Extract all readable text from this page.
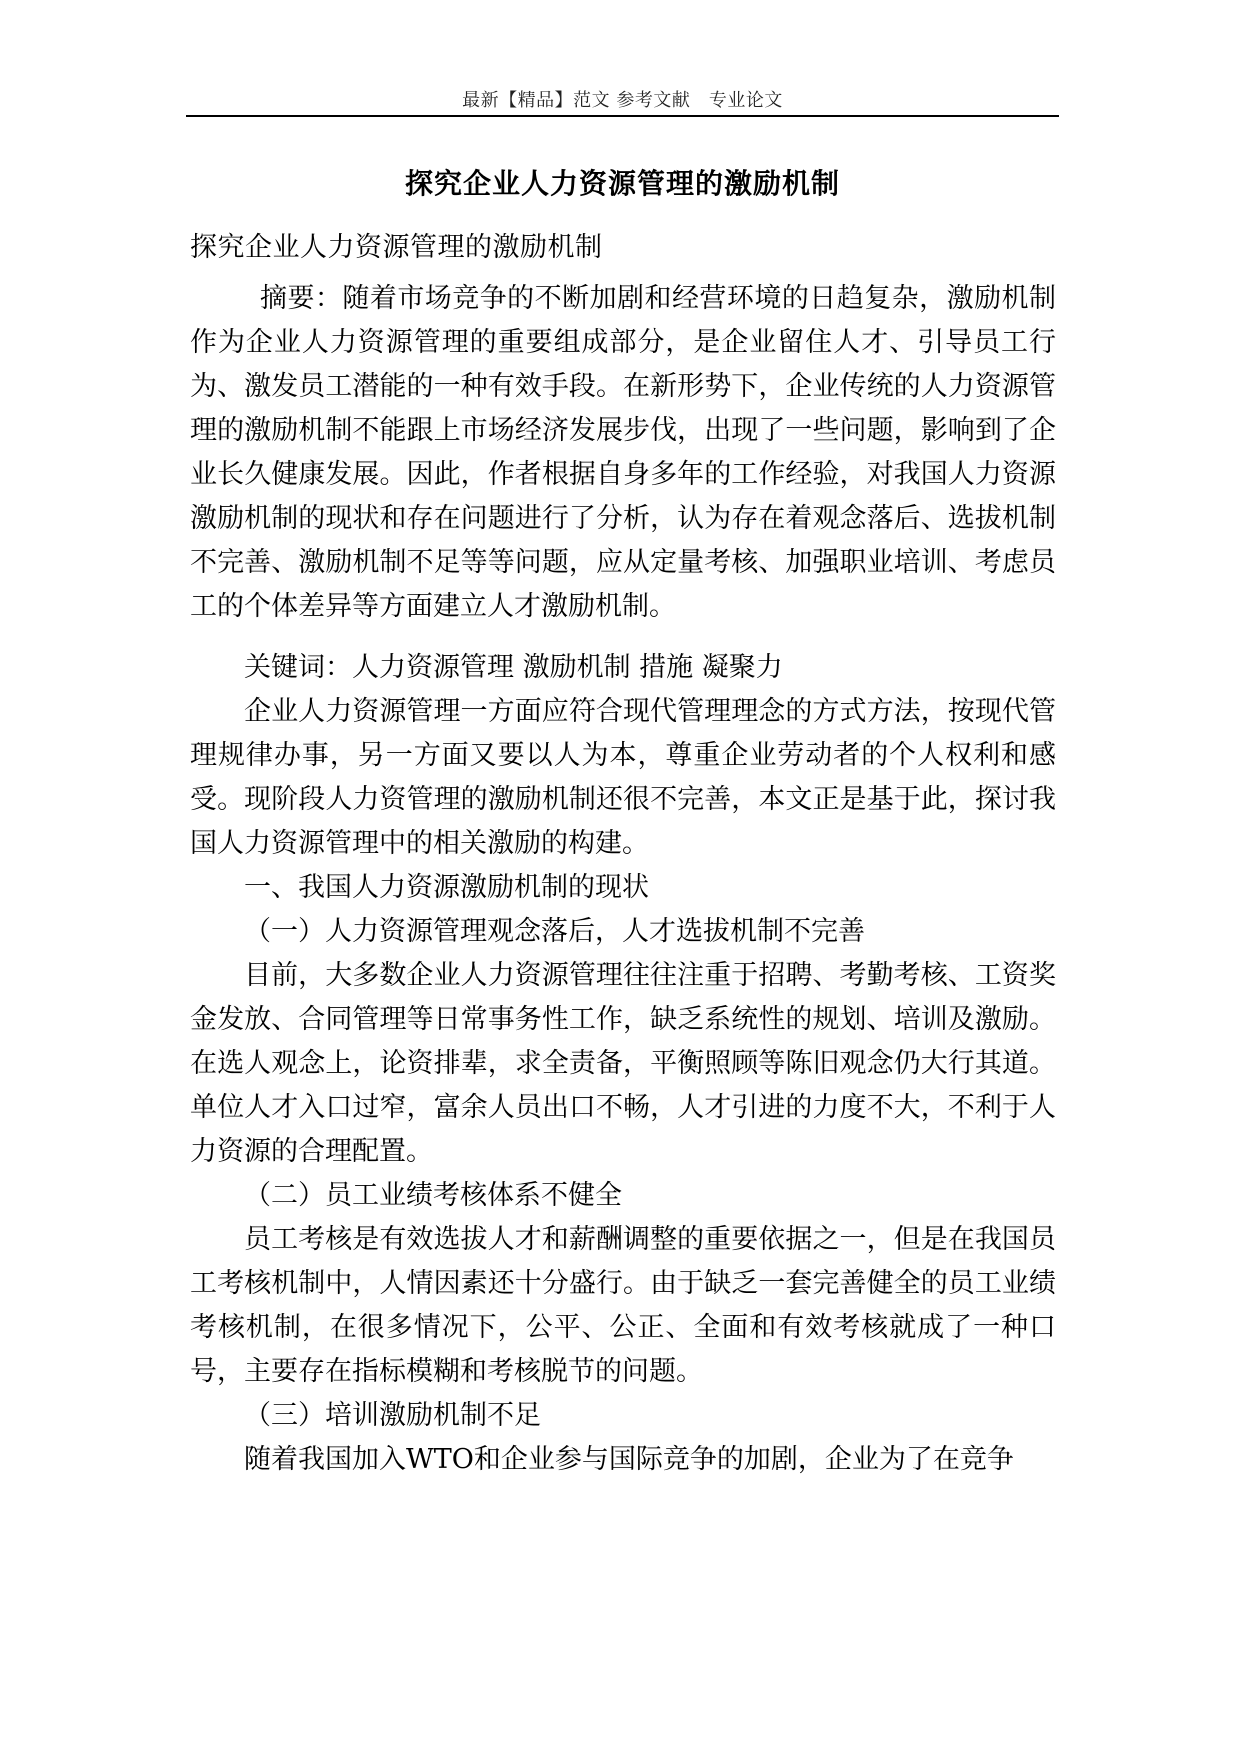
最新【精品】范文 参考文献　专业论文
探究企业人力资源管理的激励机制
探究企业人力资源管理的激励机制

摘要：随着市场竞争的不断加剧和经营环境的日趋复杂，激励机制作为企业人力资源管理的重要组成部分，是企业留住人才、引导员工行为、激发员工潜能的一种有效手段。在新形势下，企业传统的人力资源管理的激励机制不能跟上市场经济发展步伐，出现了一些问题，影响到了企业长久健康发展。因此，作者根据自身多年的工作经验，对我国人力资源激励机制的现状和存在问题进行了分析，认为存在着观念落后、选拔机制不完善、激励机制不足等等问题，应从定量考核、加强职业培训、考虑员工的个体差异等方面建立人才激励机制。

关键词：人力资源管理 激励机制 措施 凝聚力

企业人力资源管理一方面应符合现代管理理念的方式方法，按现代管理规律办事，另一方面又要以人为本，尊重企业劳动者的个人权利和感受。现阶段人力资管理的激励机制还很不完善，本文正是基于此，探讨我国人力资源管理中的相关激励的构建。

一、我国人力资源激励机制的现状

（一）人力资源管理观念落后，人才选拔机制不完善

目前，大多数企业人力资源管理往往注重于招聘、考勤考核、工资奖金发放、合同管理等日常事务性工作，缺乏系统性的规划、培训及激励。在选人观念上，论资排辈，求全责备，平衡照顾等陈旧观念仍大行其道。单位人才入口过窄，富余人员出口不畅，人才引进的力度不大，不利于人力资源的合理配置。

（二）员工业绩考核体系不健全

员工考核是有效选拔人才和薪酬调整的重要依据之一，但是在我国员工考核机制中，人情因素还十分盛行。由于缺乏一套完善健全的员工业绩考核机制，在很多情况下，公平、公正、全面和有效考核就成了一种口号，主要存在指标模糊和考核脱节的问题。

（三）培训激励机制不足

随着我国加入WTO和企业参与国际竞争的加剧，企业为了在竞争
